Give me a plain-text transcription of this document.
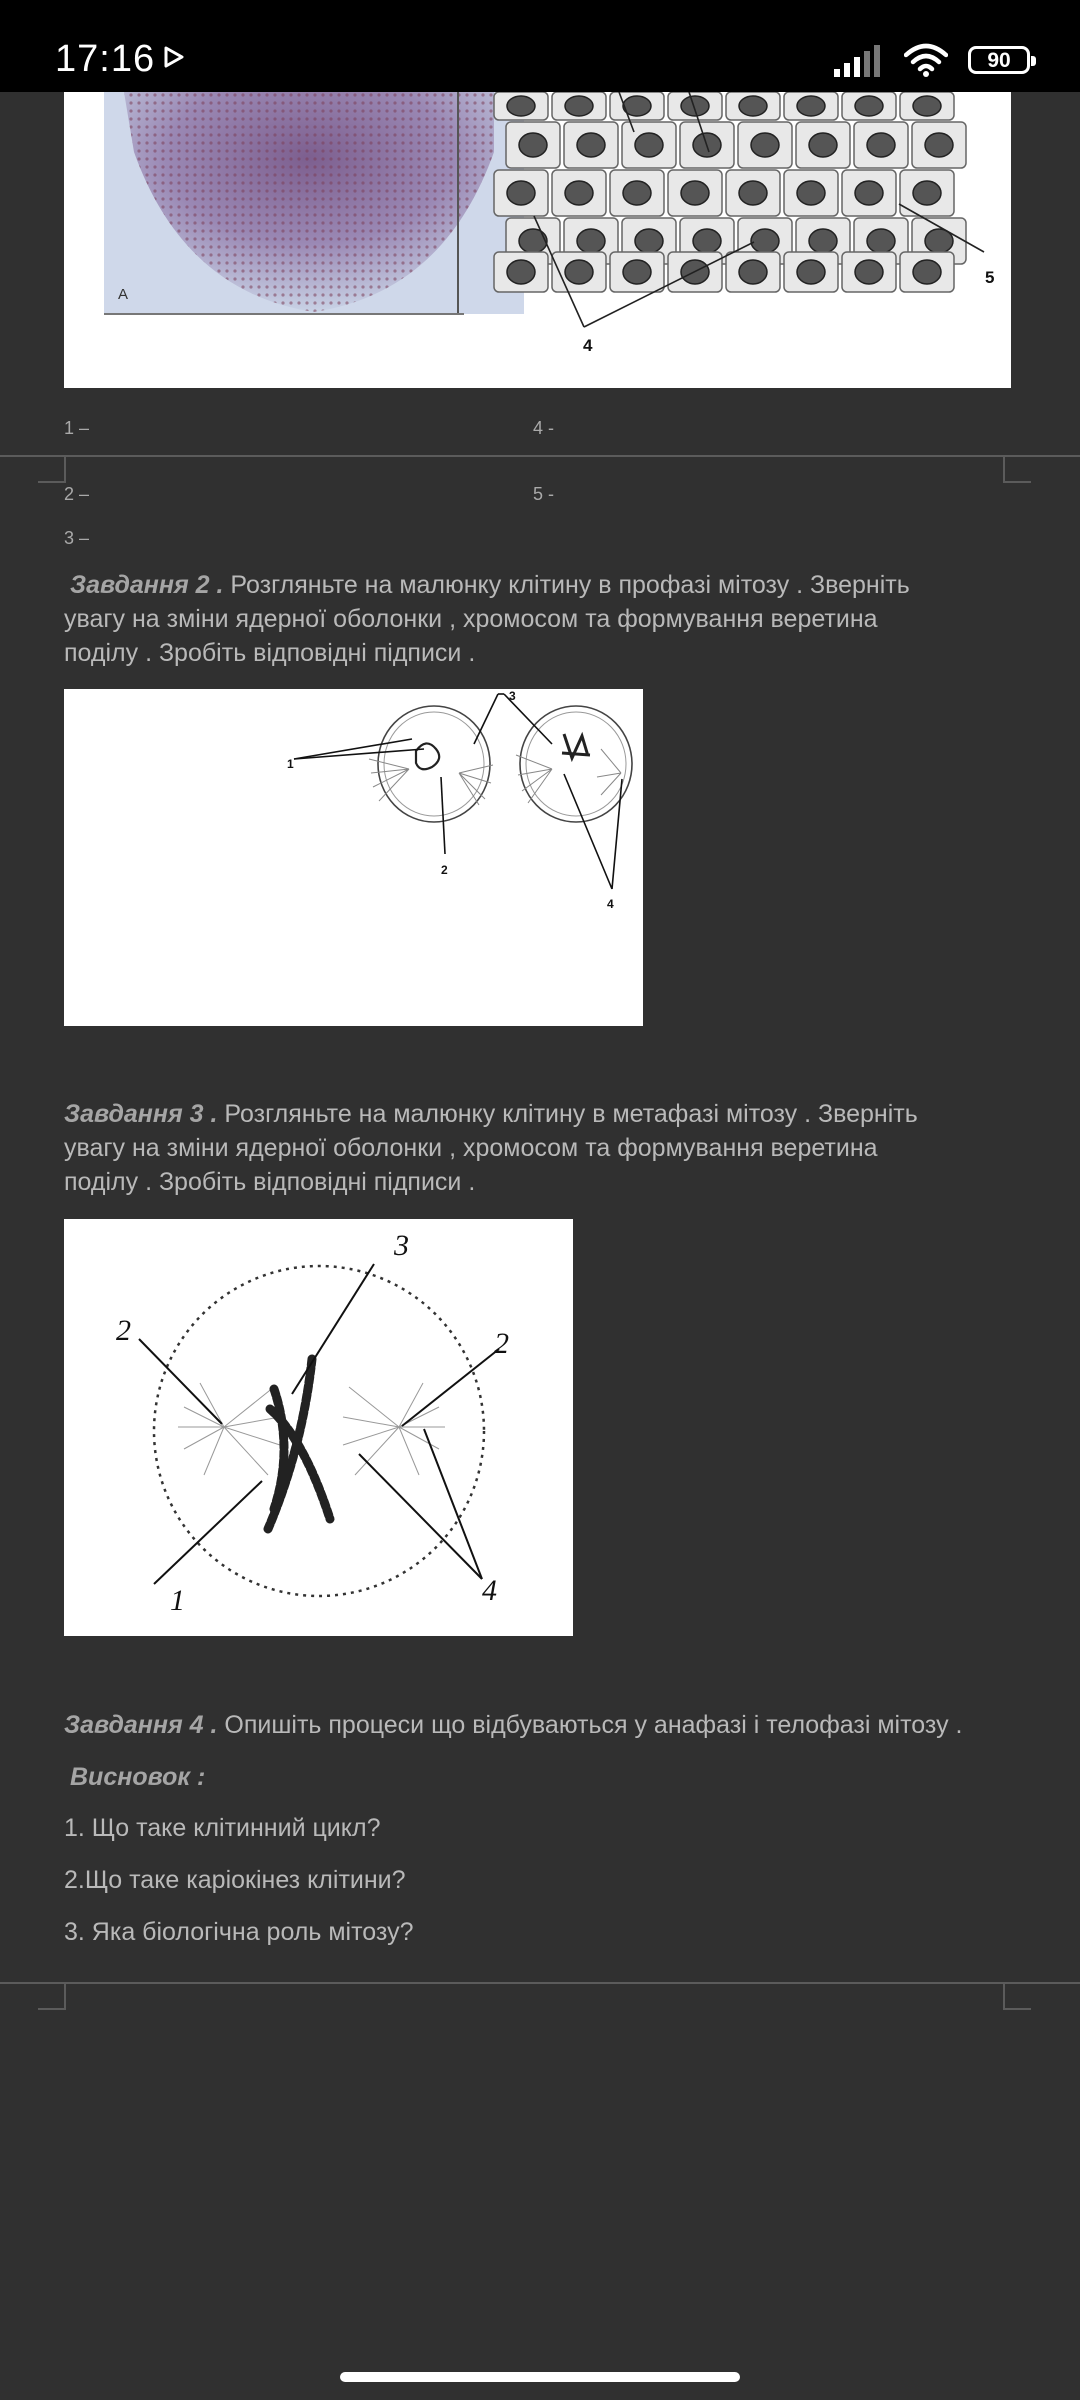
17:16	90
A
4
5
1 –	4 -
2 –	5 -
3 –
Завдання 2 . Розгляньте на малюнку клітину в профазі мітозу . Зверніть
увагу на зміни ядерної оболонки , хромосом та формування веретина
поділу . Зробіть відповідні підписи .
1
2
3
4
Завдання 3 . Розгляньте на малюнку клітину в метафазі мітозу . Зверніть
увагу на зміни ядерної оболонки , хромосом та формування веретина
поділу . Зробіть відповідні підписи .
2	2
3
1	4
Завдання 4 . Опишіть процеси що відбуваються у анафазі і телофазі мітозу .
Висновок :
1. Що таке клітинний цикл?
2.Що таке каріокінез клітини?
3. Яка біологічна роль мітозу?
